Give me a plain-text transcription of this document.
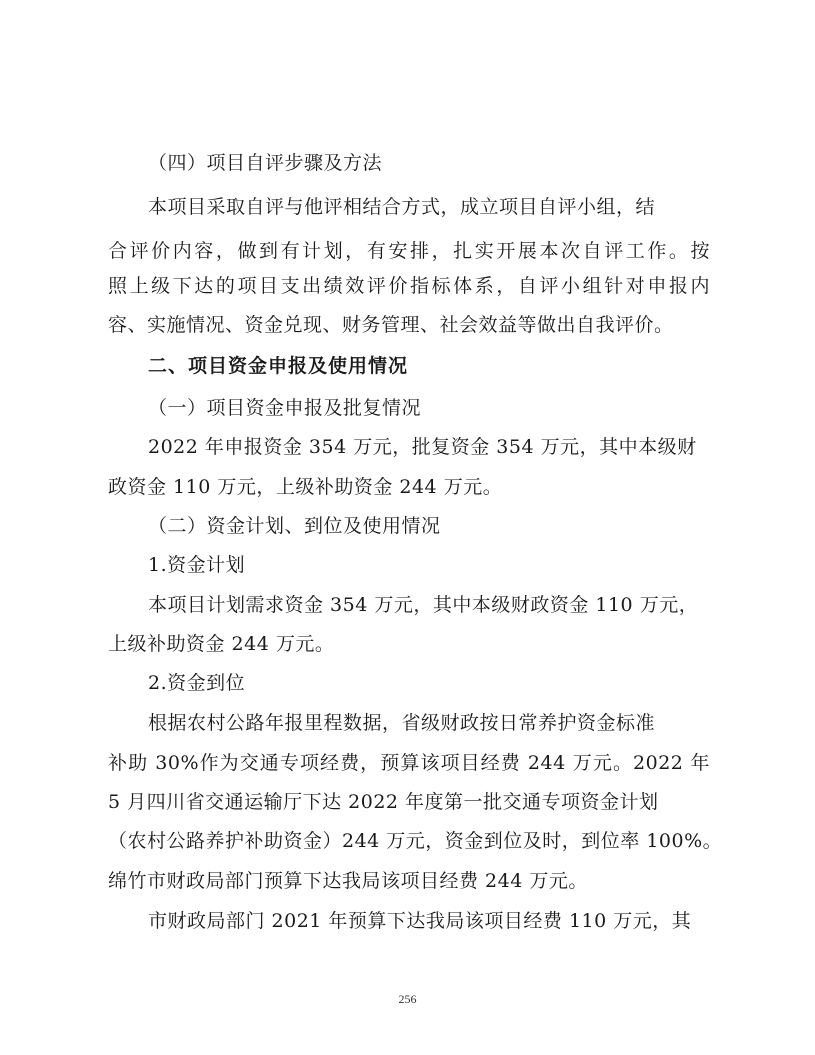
（四）项目自评步骤及方法
本项目采取自评与他评相结合方式，成立项目自评小组，结
合评价内容，做到有计划，有安排，扎实开展本次自评工作。按
照上级下达的项目支出绩效评价指标体系，自评小组针对申报内
容、实施情况、资金兑现、财务管理、社会效益等做出自我评价。
二、项目资金申报及使用情况
（一）项目资金申报及批复情况
2022 年申报资金 354 万元，批复资金 354 万元，其中本级财
政资金 110 万元，上级补助资金 244 万元。
（二）资金计划、到位及使用情况
1.资金计划
本项目计划需求资金 354 万元，其中本级财政资金 110 万元，
上级补助资金 244 万元。
2.资金到位
根据农村公路年报里程数据，省级财政按日常养护资金标准
补助 30%作为交通专项经费，预算该项目经费 244 万元。2022 年
5 月四川省交通运输厅下达 2022 年度第一批交通专项资金计划
（农村公路养护补助资金）244 万元，资金到位及时，到位率 100%。
绵竹市财政局部门预算下达我局该项目经费 244 万元。
市财政局部门 2021 年预算下达我局该项目经费 110 万元，其
256
